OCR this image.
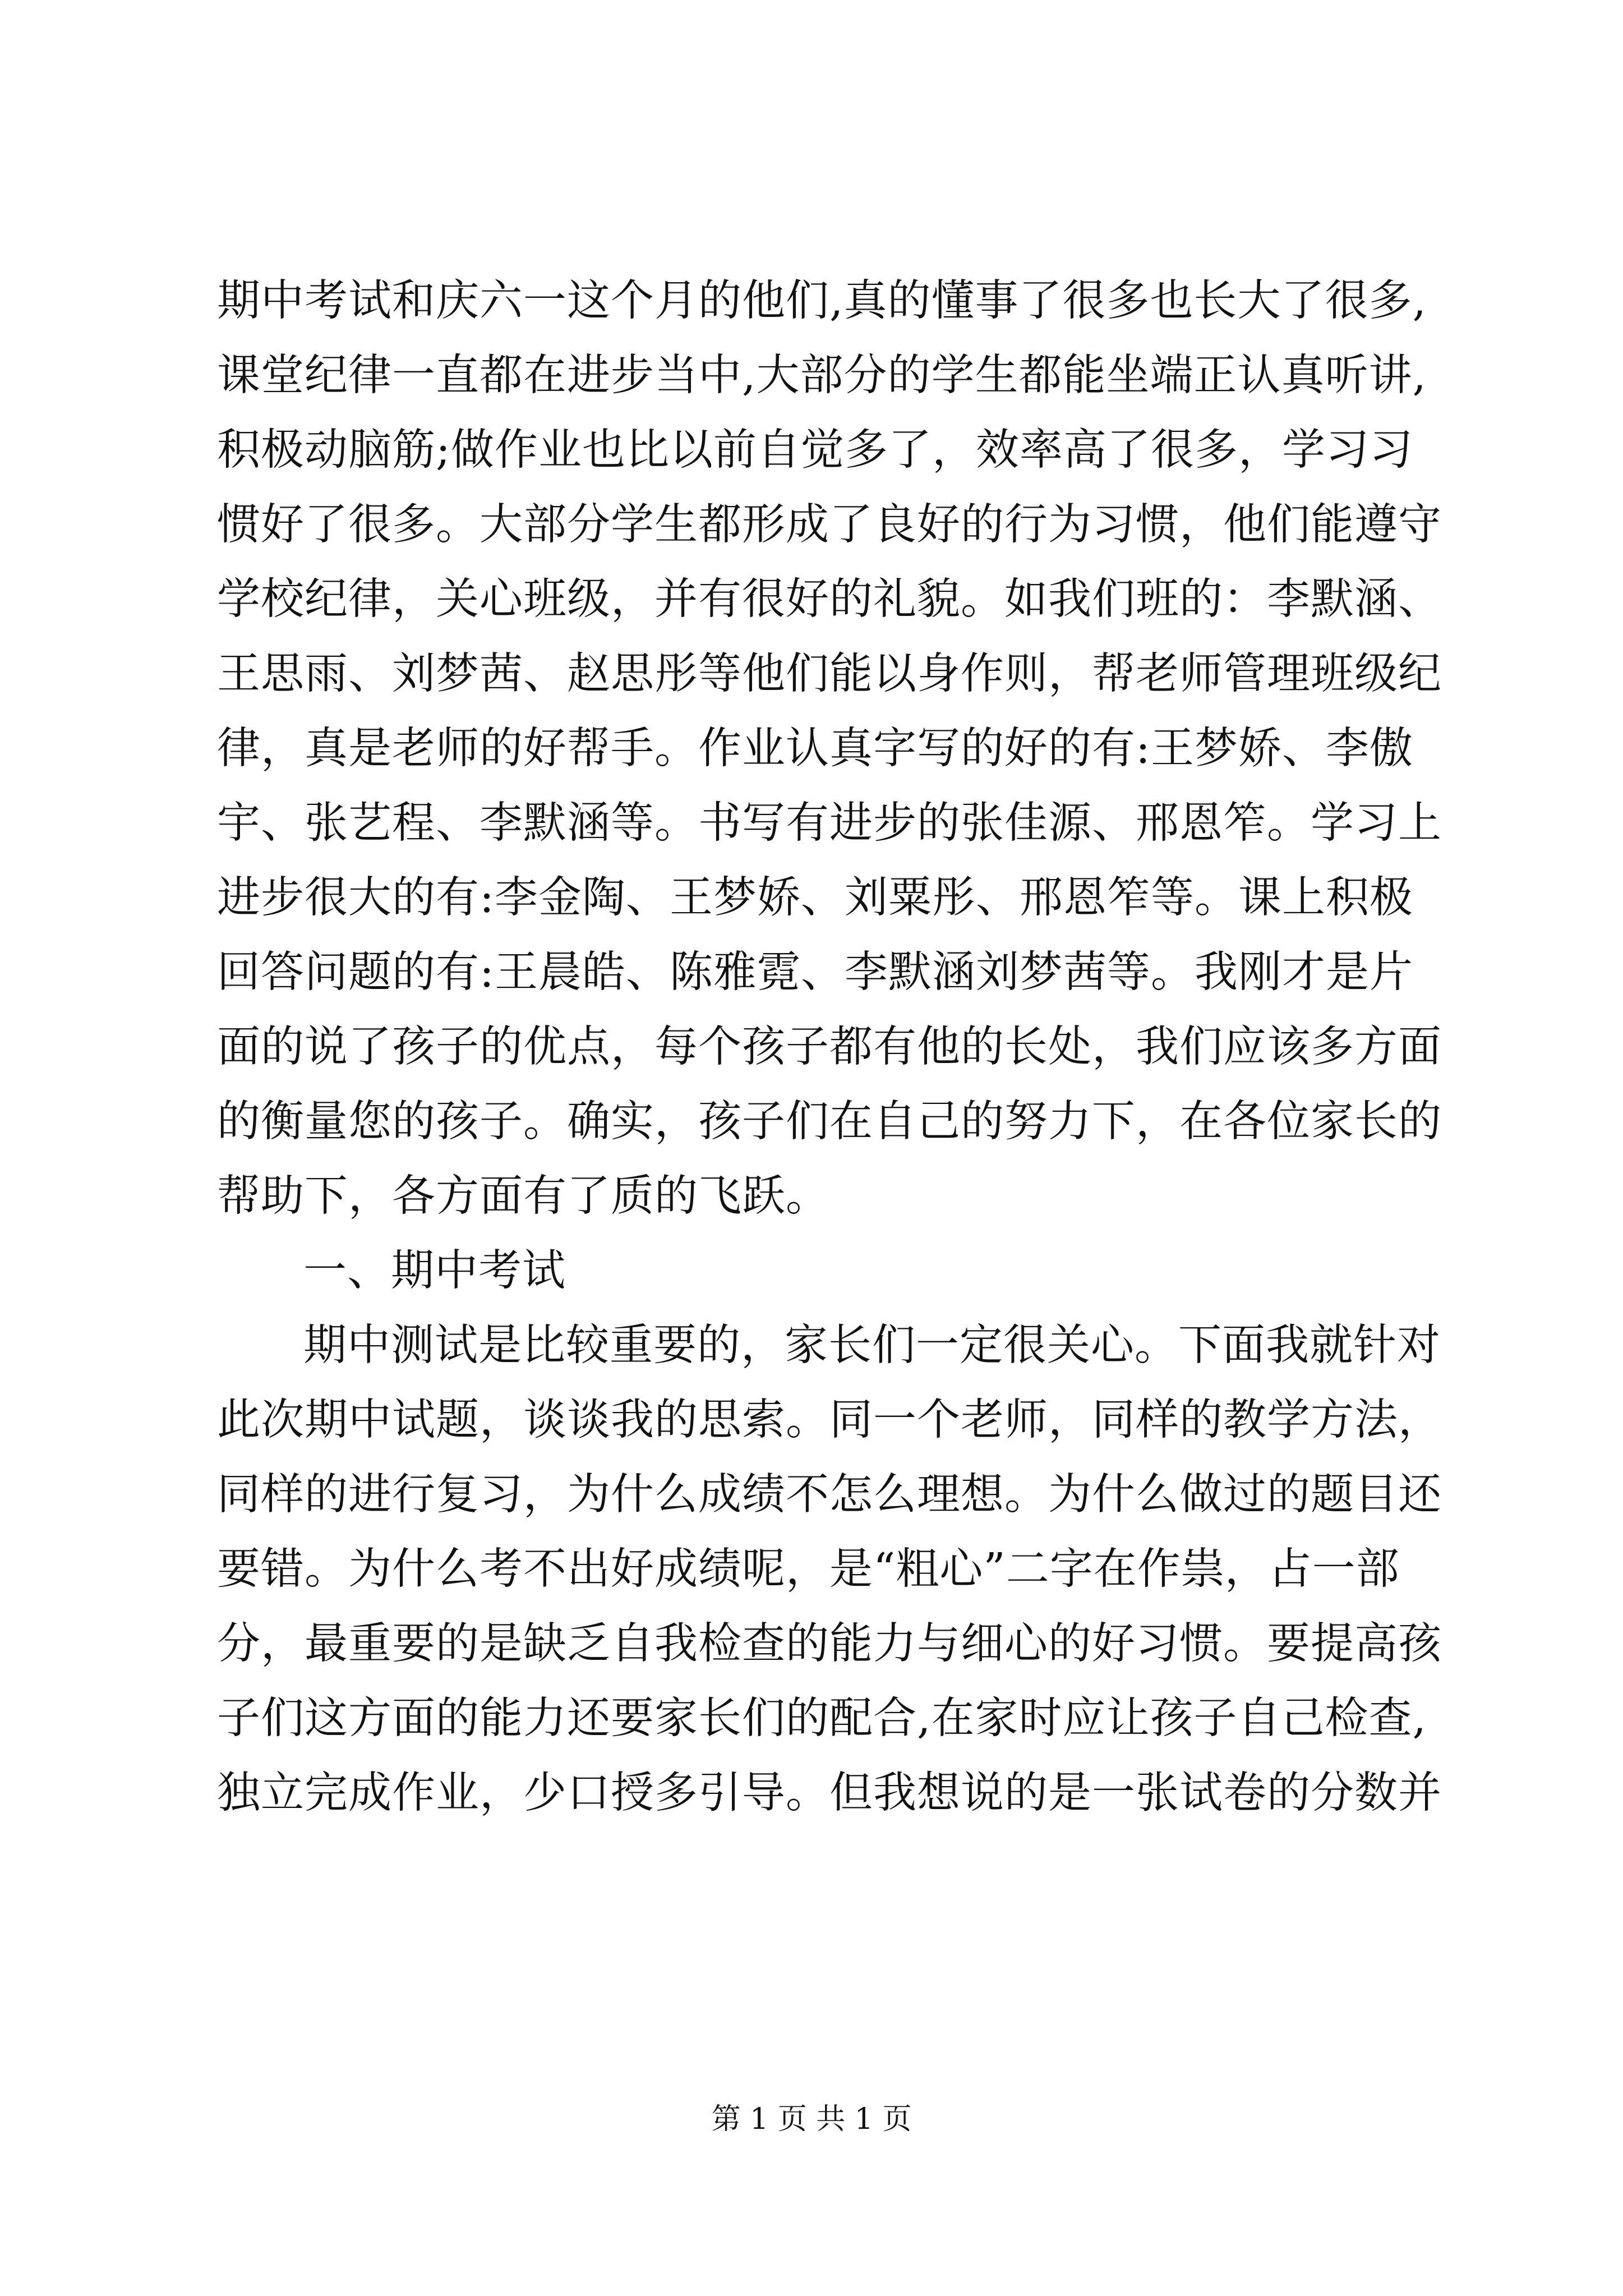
期中考试和庆六一这个月的他们,真的懂事了很多也长大了很多,
课堂纪律一直都在进步当中,大部分的学生都能坐端正认真听讲,
积极动脑筋;做作业也比以前自觉多了，效率高了很多，学习习
惯好了很多。大部分学生都形成了良好的行为习惯，他们能遵守
学校纪律，关心班级，并有很好的礼貌。如我们班的：李默涵、
王思雨、刘梦茜、赵思彤等他们能以身作则，帮老师管理班级纪
律，真是老师的好帮手。作业认真字写的好的有:王梦娇、李傲
宇、张艺程、李默涵等。书写有进步的张佳源、邢恩笮。学习上
进步很大的有:李金陶、王梦娇、刘粟彤、邢恩笮等。课上积极
回答问题的有:王晨皓、陈雅霓、李默涵刘梦茜等。我刚才是片
面的说了孩子的优点，每个孩子都有他的长处，我们应该多方面
的衡量您的孩子。确实，孩子们在自己的努力下，在各位家长的
帮助下，各方面有了质的飞跃。
一、期中考试
期中测试是比较重要的，家长们一定很关心。下面我就针对
此次期中试题，谈谈我的思索。同一个老师，同样的教学方法，
同样的进行复习，为什么成绩不怎么理想。为什么做过的题目还
要错。为什么考不出好成绩呢，是“粗心”二字在作祟，占一部
分，最重要的是缺乏自我检查的能力与细心的好习惯。要提高孩
子们这方面的能力还要家长们的配合,在家时应让孩子自己检查,
独立完成作业，少口授多引导。但我想说的是一张试卷的分数并
第 1 页 共 1 页
